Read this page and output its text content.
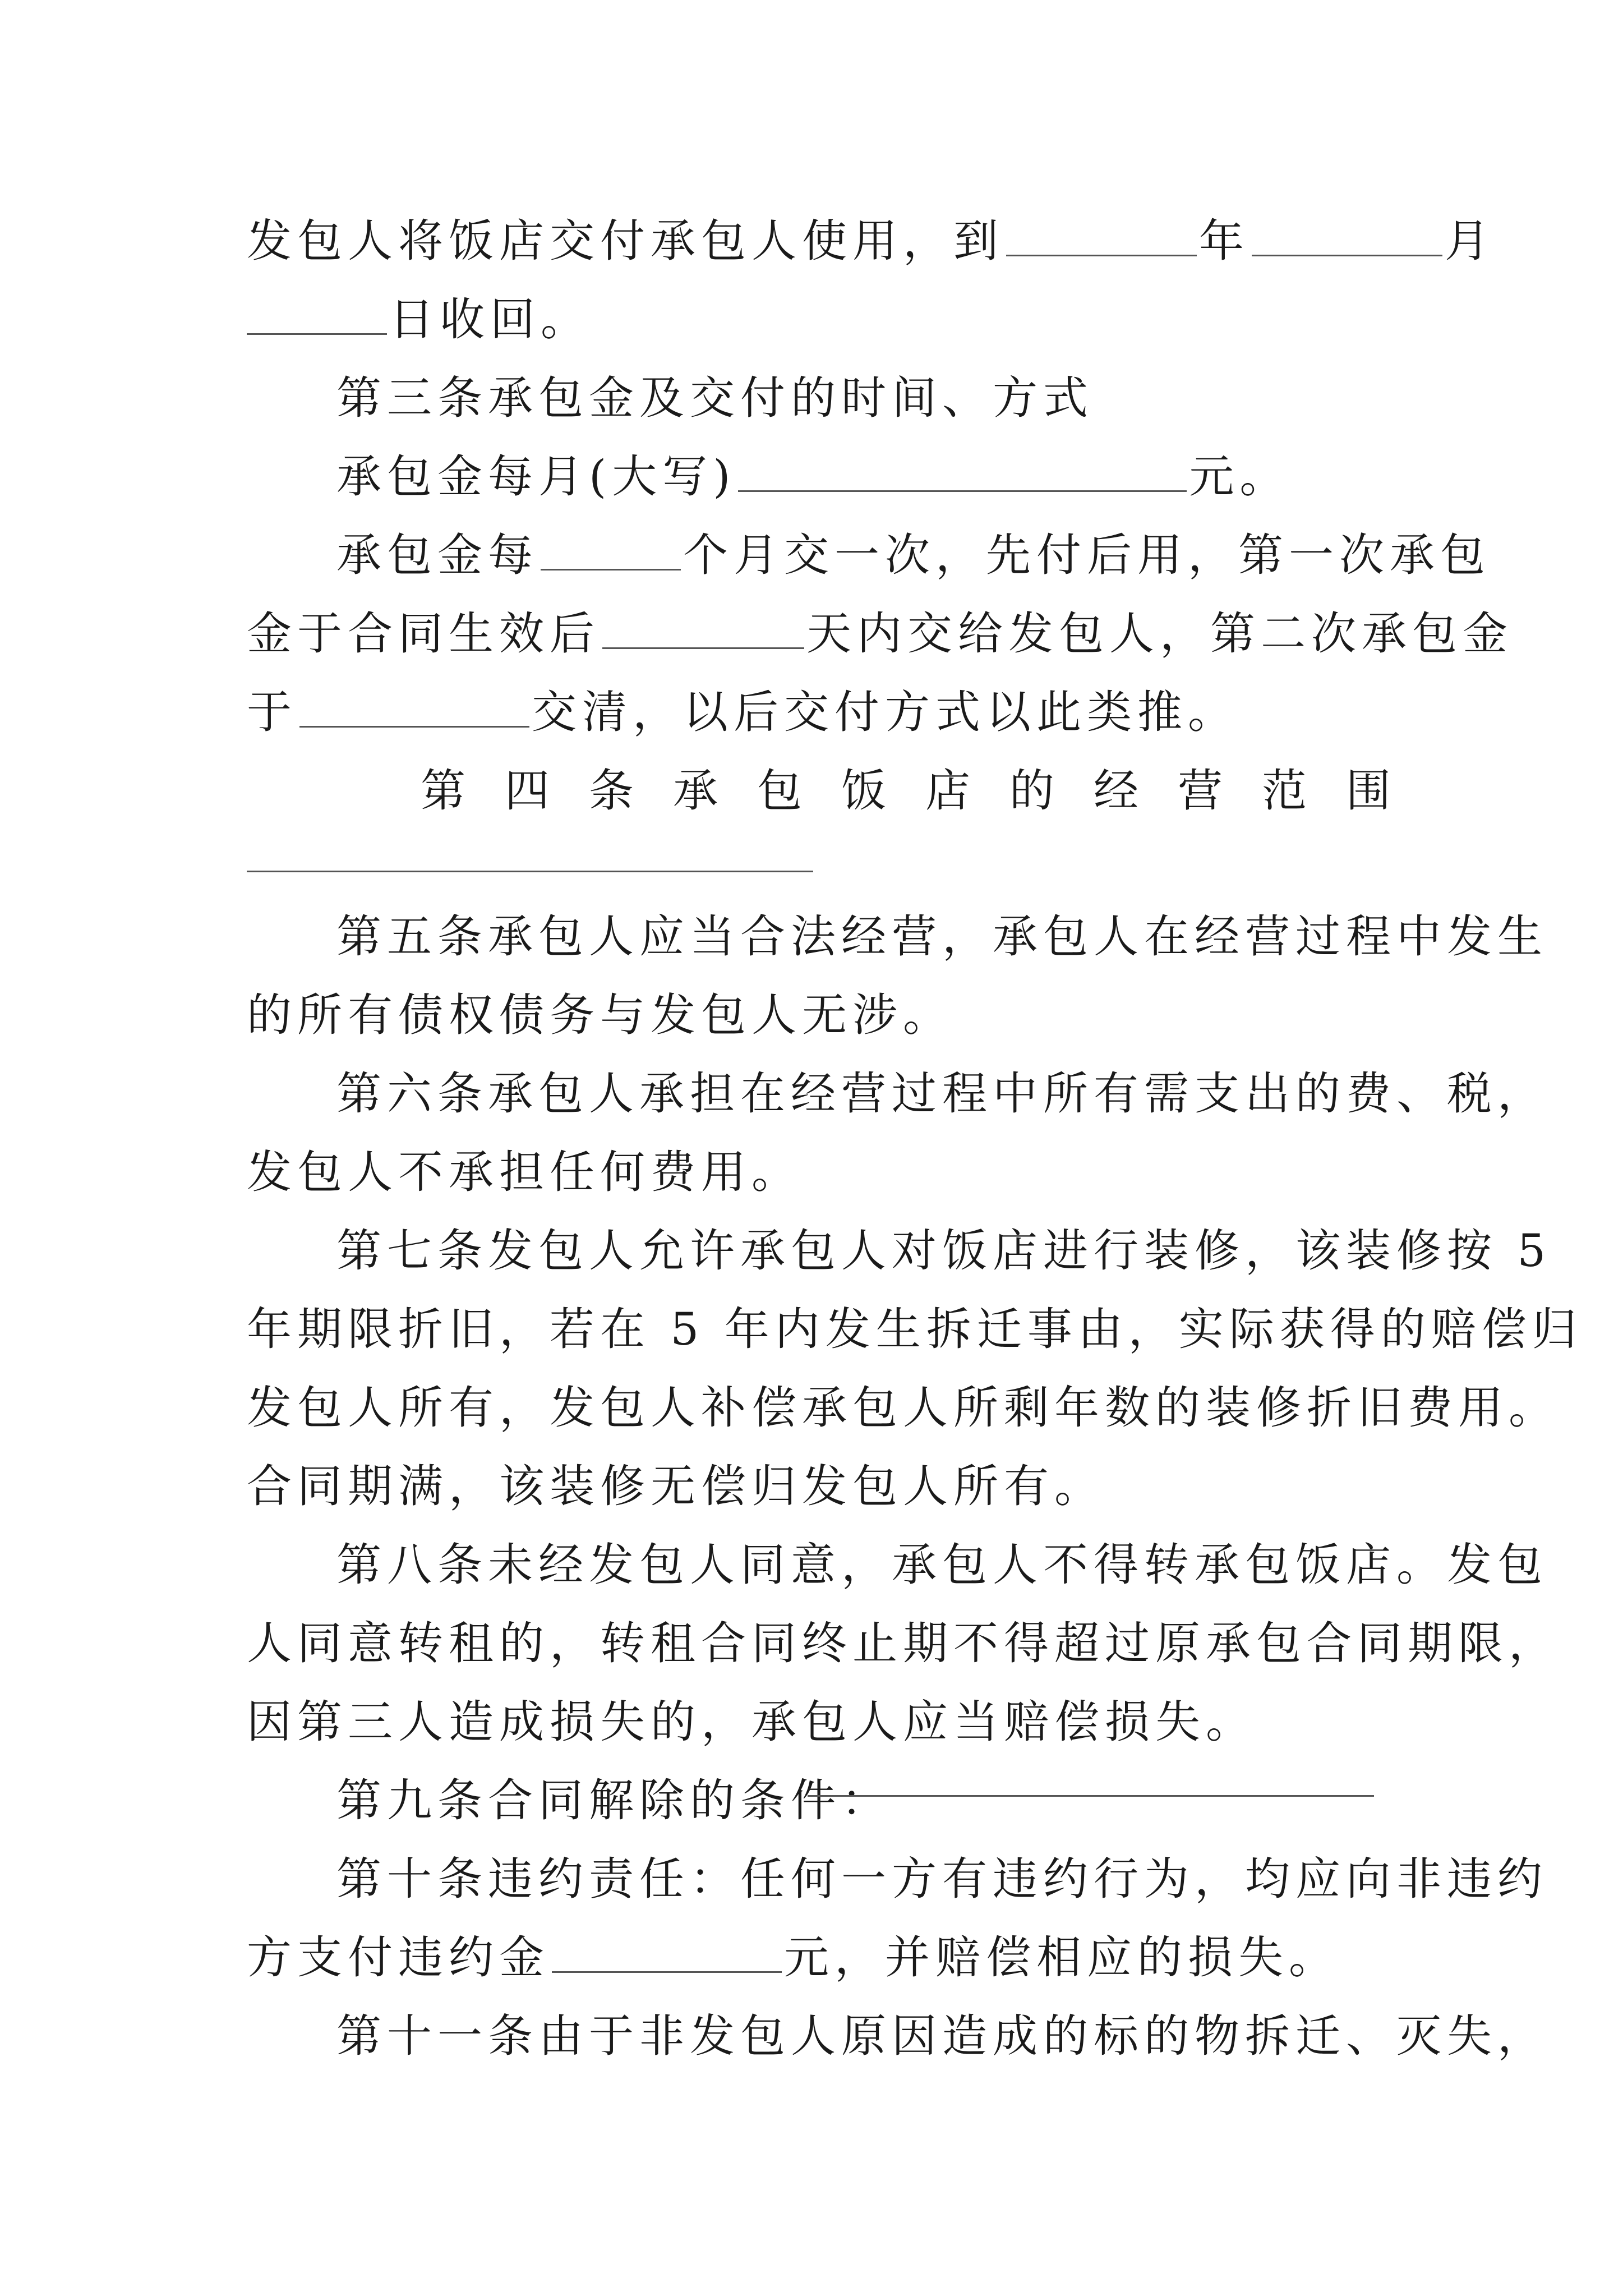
发包人将饭店交付承包人使用，到	年	月
日收回。
第三条承包金及交付的时间、方式
承包金每月(大写)	元。
承包金每	个月交一次，先付后用，第一次承包
金于合同生效后	天内交给发包人，第二次承包金
于	交清，以后交付方式以此类推。
第 四 条 承 包 饭 店 的 经 营 范 围
第五条承包人应当合法经营，承包人在经营过程中发生
的所有债权债务与发包人无涉。
第六条承包人承担在经营过程中所有需支出的费、税，
发包人不承担任何费用。
第七条发包人允许承包人对饭店进行装修，该装修按 5
年期限折旧，若在 5 年内发生拆迁事由，实际获得的赔偿归
发包人所有，发包人补偿承包人所剩年数的装修折旧费用。
合同期满，该装修无偿归发包人所有。
第八条未经发包人同意，承包人不得转承包饭店。发包
人同意转租的，转租合同终止期不得超过原承包合同期限，
因第三人造成损失的，承包人应当赔偿损失。
第九条合同解除的条件：
第十条违约责任：任何一方有违约行为，均应向非违约
方支付违约金	元，并赔偿相应的损失。
第十一条由于非发包人原因造成的标的物拆迁、灭失，
